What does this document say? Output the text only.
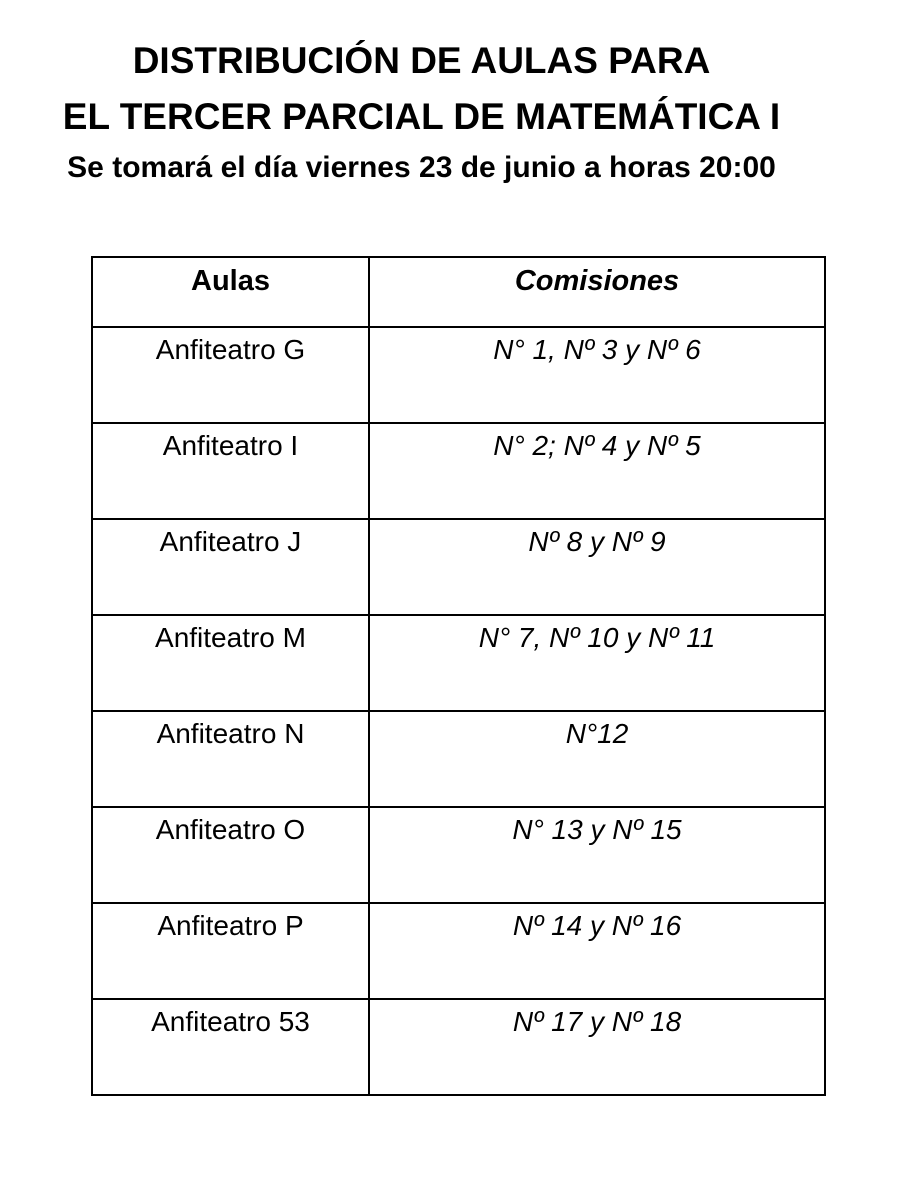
DISTRIBUCIÓN DE AULAS PARA
EL TERCER PARCIAL DE MATEMÁTICA I
Se tomará el día viernes 23 de junio a horas 20:00
Aulas	Comisiones
Anfiteatro G	N° 1, Nº 3 y Nº 6
Anfiteatro I	N° 2; Nº 4 y Nº 5
Anfiteatro J	Nº 8 y Nº 9
Anfiteatro M	N° 7, Nº 10 y Nº 11
Anfiteatro N	N°12
Anfiteatro O	N° 13 y Nº 15
Anfiteatro P	Nº 14 y Nº 16
Anfiteatro 53	Nº 17 y Nº 18
